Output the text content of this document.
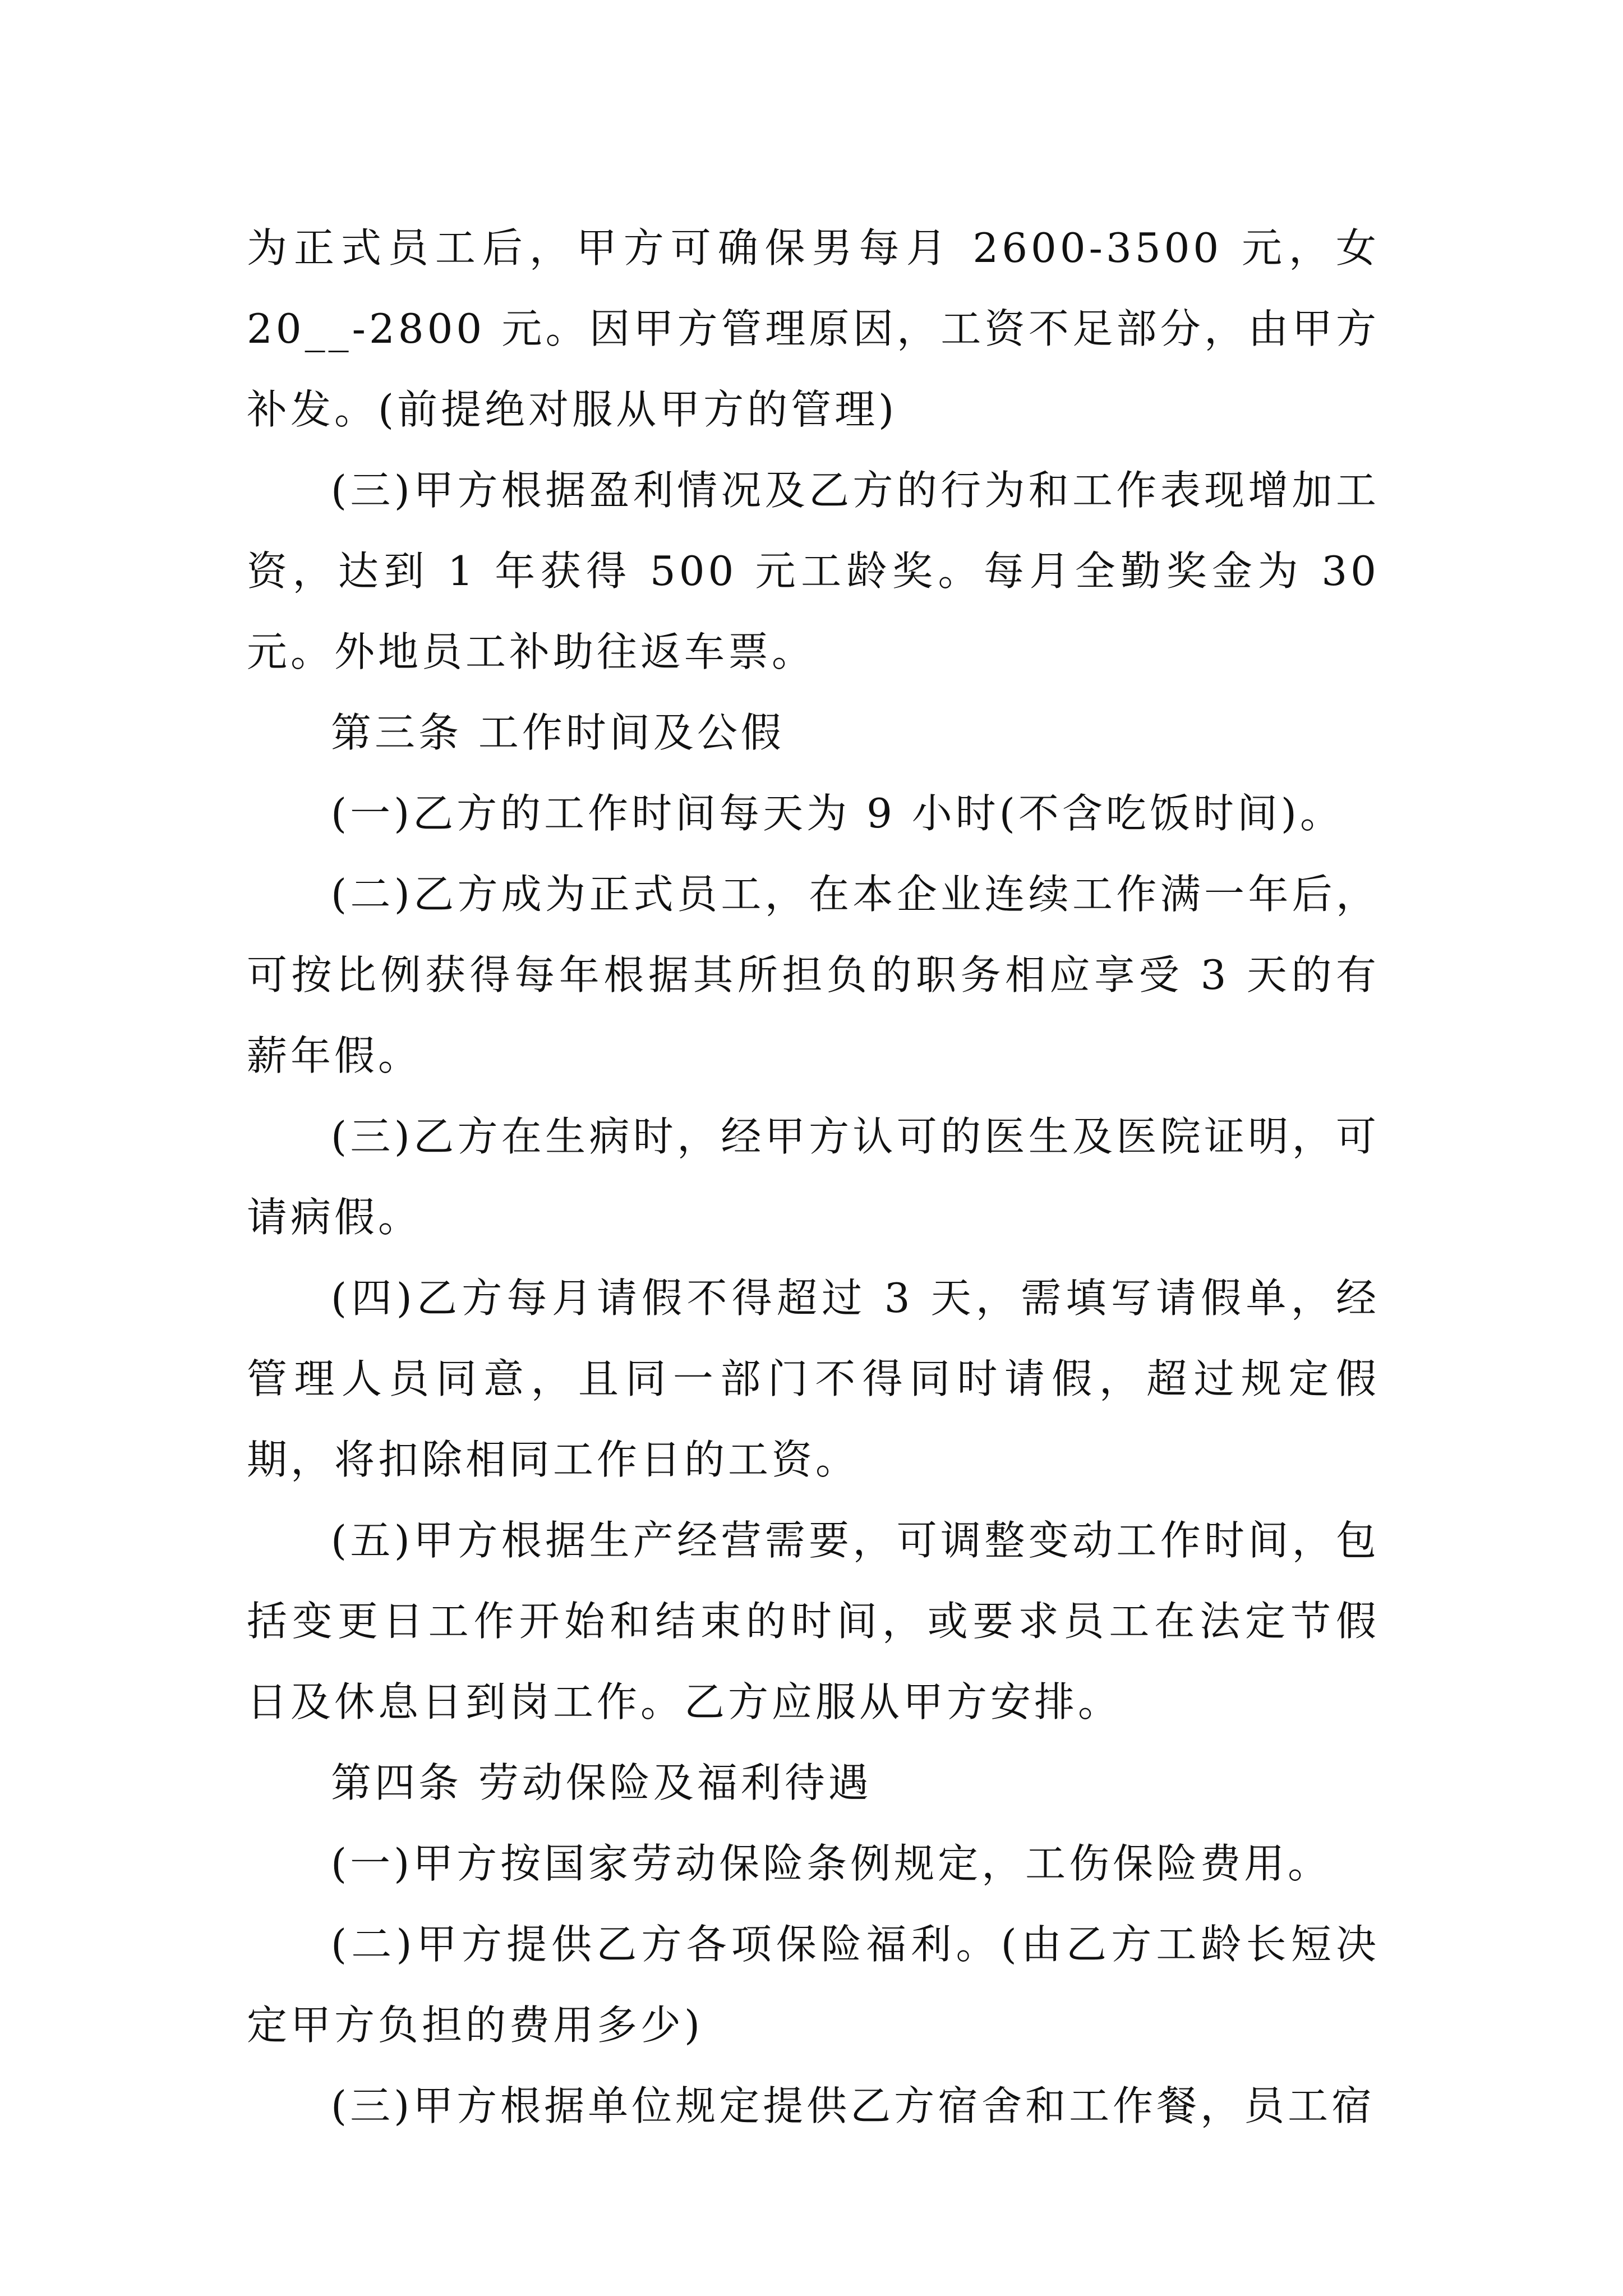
为正式员工后，甲方可确保男每月 2600-3500 元，女 20__-2800 元。因甲方管理原因，工资不足部分，由甲方补发。(前提绝对服从甲方的管理)

(三)甲方根据盈利情况及乙方的行为和工作表现增加工资，达到 1 年获得 500 元工龄奖。每月全勤奖金为 30 元。外地员工补助往返车票。

第三条 工作时间及公假

(一)乙方的工作时间每天为 9 小时(不含吃饭时间)。

(二)乙方成为正式员工，在本企业连续工作满一年后，可按比例获得每年根据其所担负的职务相应享受 3 天的有薪年假。

(三)乙方在生病时，经甲方认可的医生及医院证明，可请病假。

(四)乙方每月请假不得超过 3 天，需填写请假单，经管理人员同意，且同一部门不得同时请假，超过规定假期，将扣除相同工作日的工资。

(五)甲方根据生产经营需要，可调整变动工作时间，包括变更日工作开始和结束的时间，或要求员工在法定节假日及休息日到岗工作。乙方应服从甲方安排。

第四条 劳动保险及福利待遇

(一)甲方按国家劳动保险条例规定，工伤保险费用。

(二)甲方提供乙方各项保险福利。(由乙方工龄长短决定甲方负担的费用多少)

(三)甲方根据单位规定提供乙方宿舍和工作餐，员工宿
